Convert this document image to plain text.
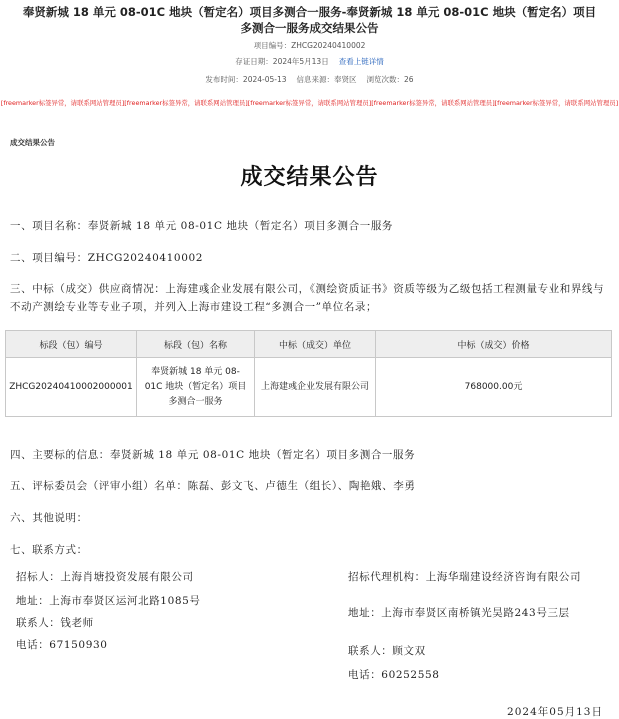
奉贤新城 18 单元 08-01C 地块（暂定名）项目多测合一服务-奉贤新城 18 单元 08-01C 地块（暂定名）项目多测合一服务成交结果公告
项目编号：ZHCG20240410002
存证日期：2024年5月13日 查看上链详情
发布时间：2024-05-13 信息来源：奉贤区 浏览次数：26
[freemarker标签异常，请联系网站管理员][freemarker标签异常，请联系网站管理员][freemarker标签异常，请联系网站管理员][freemarker标签异常，请联系网站管理员][freemarker标签异常，请联系网站管理员]
成交结果公告
成交结果公告
一、项目名称：奉贤新城 18 单元 08-01C 地块（暂定名）项目多测合一服务
二、项目编号：ZHCG20240410002
三、中标（成交）供应商情况：上海建彧企业发展有限公司，《测绘资质证书》资质等级为乙级包括工程测量专业和界线与不动产测绘专业等专业子项，并列入上海市建设工程“多测合一”单位名录；
标段（包）编号	标段（包）名称	中标（成交）单位	中标（成交）价格
ZHCG20240410002000001	奉贤新城 18 单元 08-01C 地块（暂定名）项目多测合一服务	上海建彧企业发展有限公司	768000.00元
四、主要标的信息：奉贤新城 18 单元 08-01C 地块（暂定名）项目多测合一服务
五、评标委员会（评审小组）名单：陈磊、彭文飞、卢德生（组长）、陶艳娥、李勇
六、其他说明：
七、联系方式：
招标人：上海肖塘投资发展有限公司
地址：上海市奉贤区运河北路1085号
联系人：钱老师
电话：67150930
招标代理机构：上海华瑞建设经济咨询有限公司
地址：上海市奉贤区南桥镇光昊路243号三层
联系人：顾文双
电话：60252558
2024年05月13日
